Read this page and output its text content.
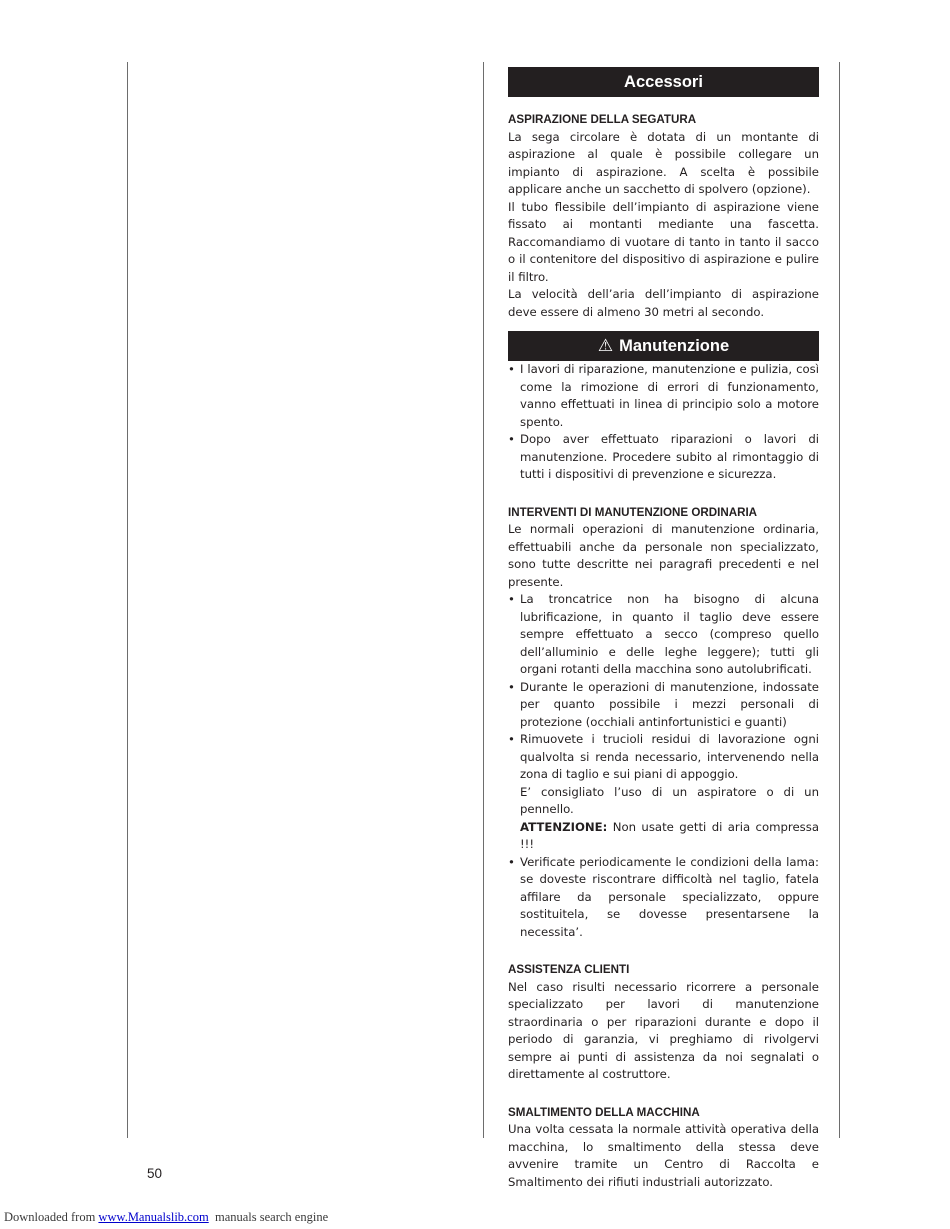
Accessori
ASPIRAZIONE DELLA SEGATURA

La sega circolare è dotata di un montante di aspirazione al quale è possibile collegare un impianto di aspirazione. A scelta è possibile applicare anche un sacchetto di spolvero (opzione).

Il tubo flessibile dell’impianto di aspirazione viene fissato ai montanti mediante una fascetta. Raccomandiamo di vuotare di tanto in tanto il sacco o il contenitore del dispositivo di aspirazione e pulire il filtro.

La velocità dell’aria dell’impianto di aspirazione deve essere di almeno 30 metri al secondo.

⚠ Manutenzione
• I lavori di riparazione, manutenzione e pulizia, così come la rimozione di errori di funzionamento, vanno effettuati in linea di principio solo a motore spento.
• Dopo aver effettuato riparazioni o lavori di manutenzione. Procedere subito al rimontaggio di tutti i dispositivi di prevenzione e sicurezza.
INTERVENTI DI MANUTENZIONE ORDINARIA

Le normali operazioni di manutenzione ordinaria, effettuabili anche da personale non specializzato, sono tutte descritte nei paragrafi precedenti e nel presente.

• La troncatrice non ha bisogno di alcuna lubrificazione, in quanto il taglio deve essere sempre effettuato a secco (compreso quello dell’alluminio e delle leghe leggere); tutti gli organi rotanti della macchina sono autolubrificati.
• Durante le operazioni di manutenzione, indossate per quanto possibile i mezzi personali di protezione (occhiali antinfortunistici e guanti)
• Rimuovete i trucioli residui di lavorazione ogni qualvolta si renda necessario, intervenendo nella zona di taglio e sui piani di appoggio.
E’ consigliato l’uso di un aspiratore o di un pennello.
ATTENZIONE: Non usate getti di aria compressa !!!
• Verificate periodicamente le condizioni della lama: se doveste riscontrare difficoltà nel taglio, fatela affilare da personale specializzato, oppure sostituitela, se dovesse presentarsene la necessita’.
ASSISTENZA CLIENTI

Nel caso risulti necessario ricorrere a personale specializzato per lavori di manutenzione straordinaria o per riparazioni durante e dopo il periodo di garanzia, vi preghiamo di rivolgervi sempre ai punti di assistenza da noi segnalati o direttamente al costruttore.

SMALTIMENTO DELLA MACCHINA

Una volta cessata la normale attività operativa della macchina, lo smaltimento della stessa deve avvenire tramite un Centro di Raccolta e Smaltimento dei rifiuti industriali autorizzato.

50
Downloaded from www.Manualslib.com  manuals search engine
